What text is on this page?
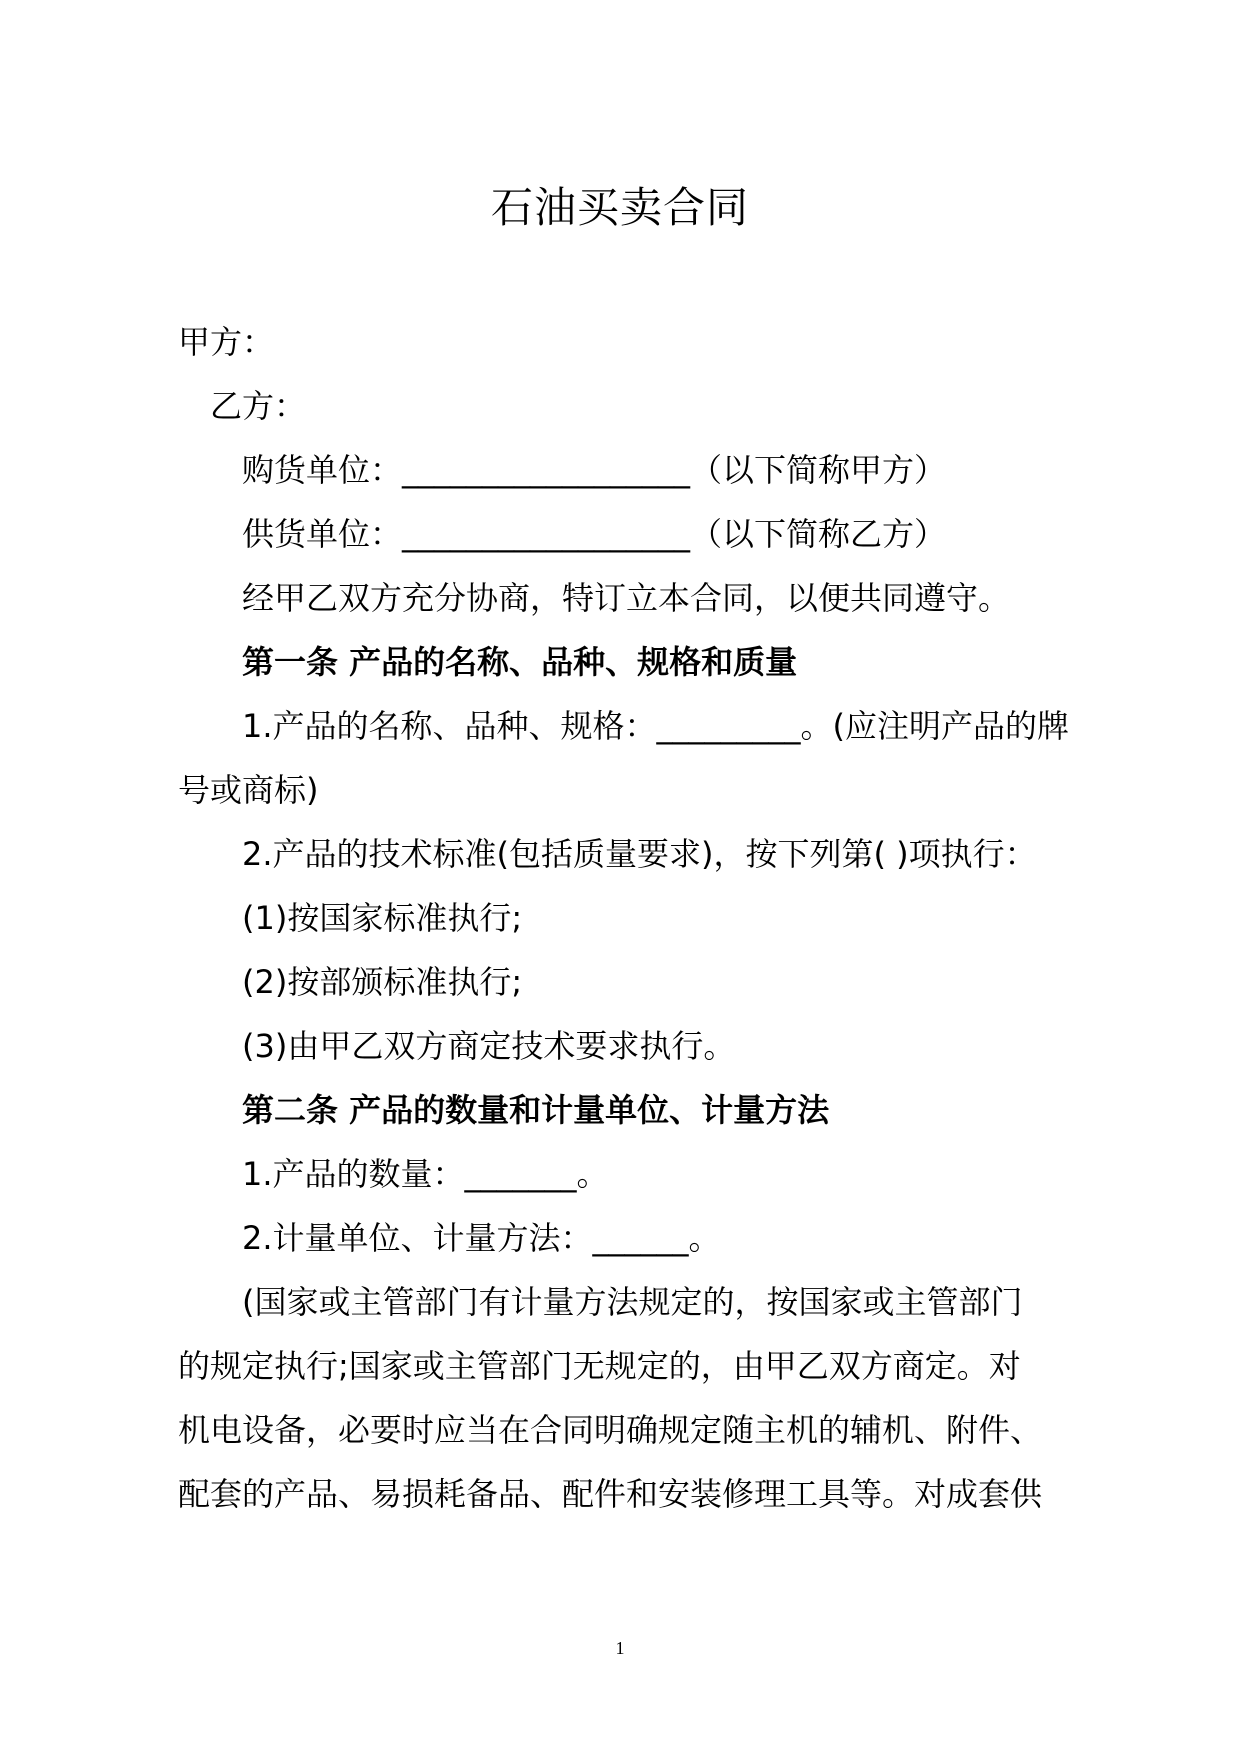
石油买卖合同
甲方：
乙方：
购货单位：__________________（以下简称甲方）
供货单位：__________________（以下简称乙方）
经甲乙双方充分协商，特订立本合同，以便共同遵守。
第一条 产品的名称、品种、规格和质量
1.产品的名称、品种、规格：_________。(应注明产品的牌
号或商标)
2.产品的技术标准(包括质量要求)，按下列第( )项执行：
(1)按国家标准执行;
(2)按部颁标准执行;
(3)由甲乙双方商定技术要求执行。
第二条 产品的数量和计量单位、计量方法
1.产品的数量：_______。
2.计量单位、计量方法：______。
(国家或主管部门有计量方法规定的，按国家或主管部门
的规定执行;国家或主管部门无规定的，由甲乙双方商定。对
机电设备，必要时应当在合同明确规定随主机的辅机、附件、
配套的产品、易损耗备品、配件和安装修理工具等。对成套供
1
